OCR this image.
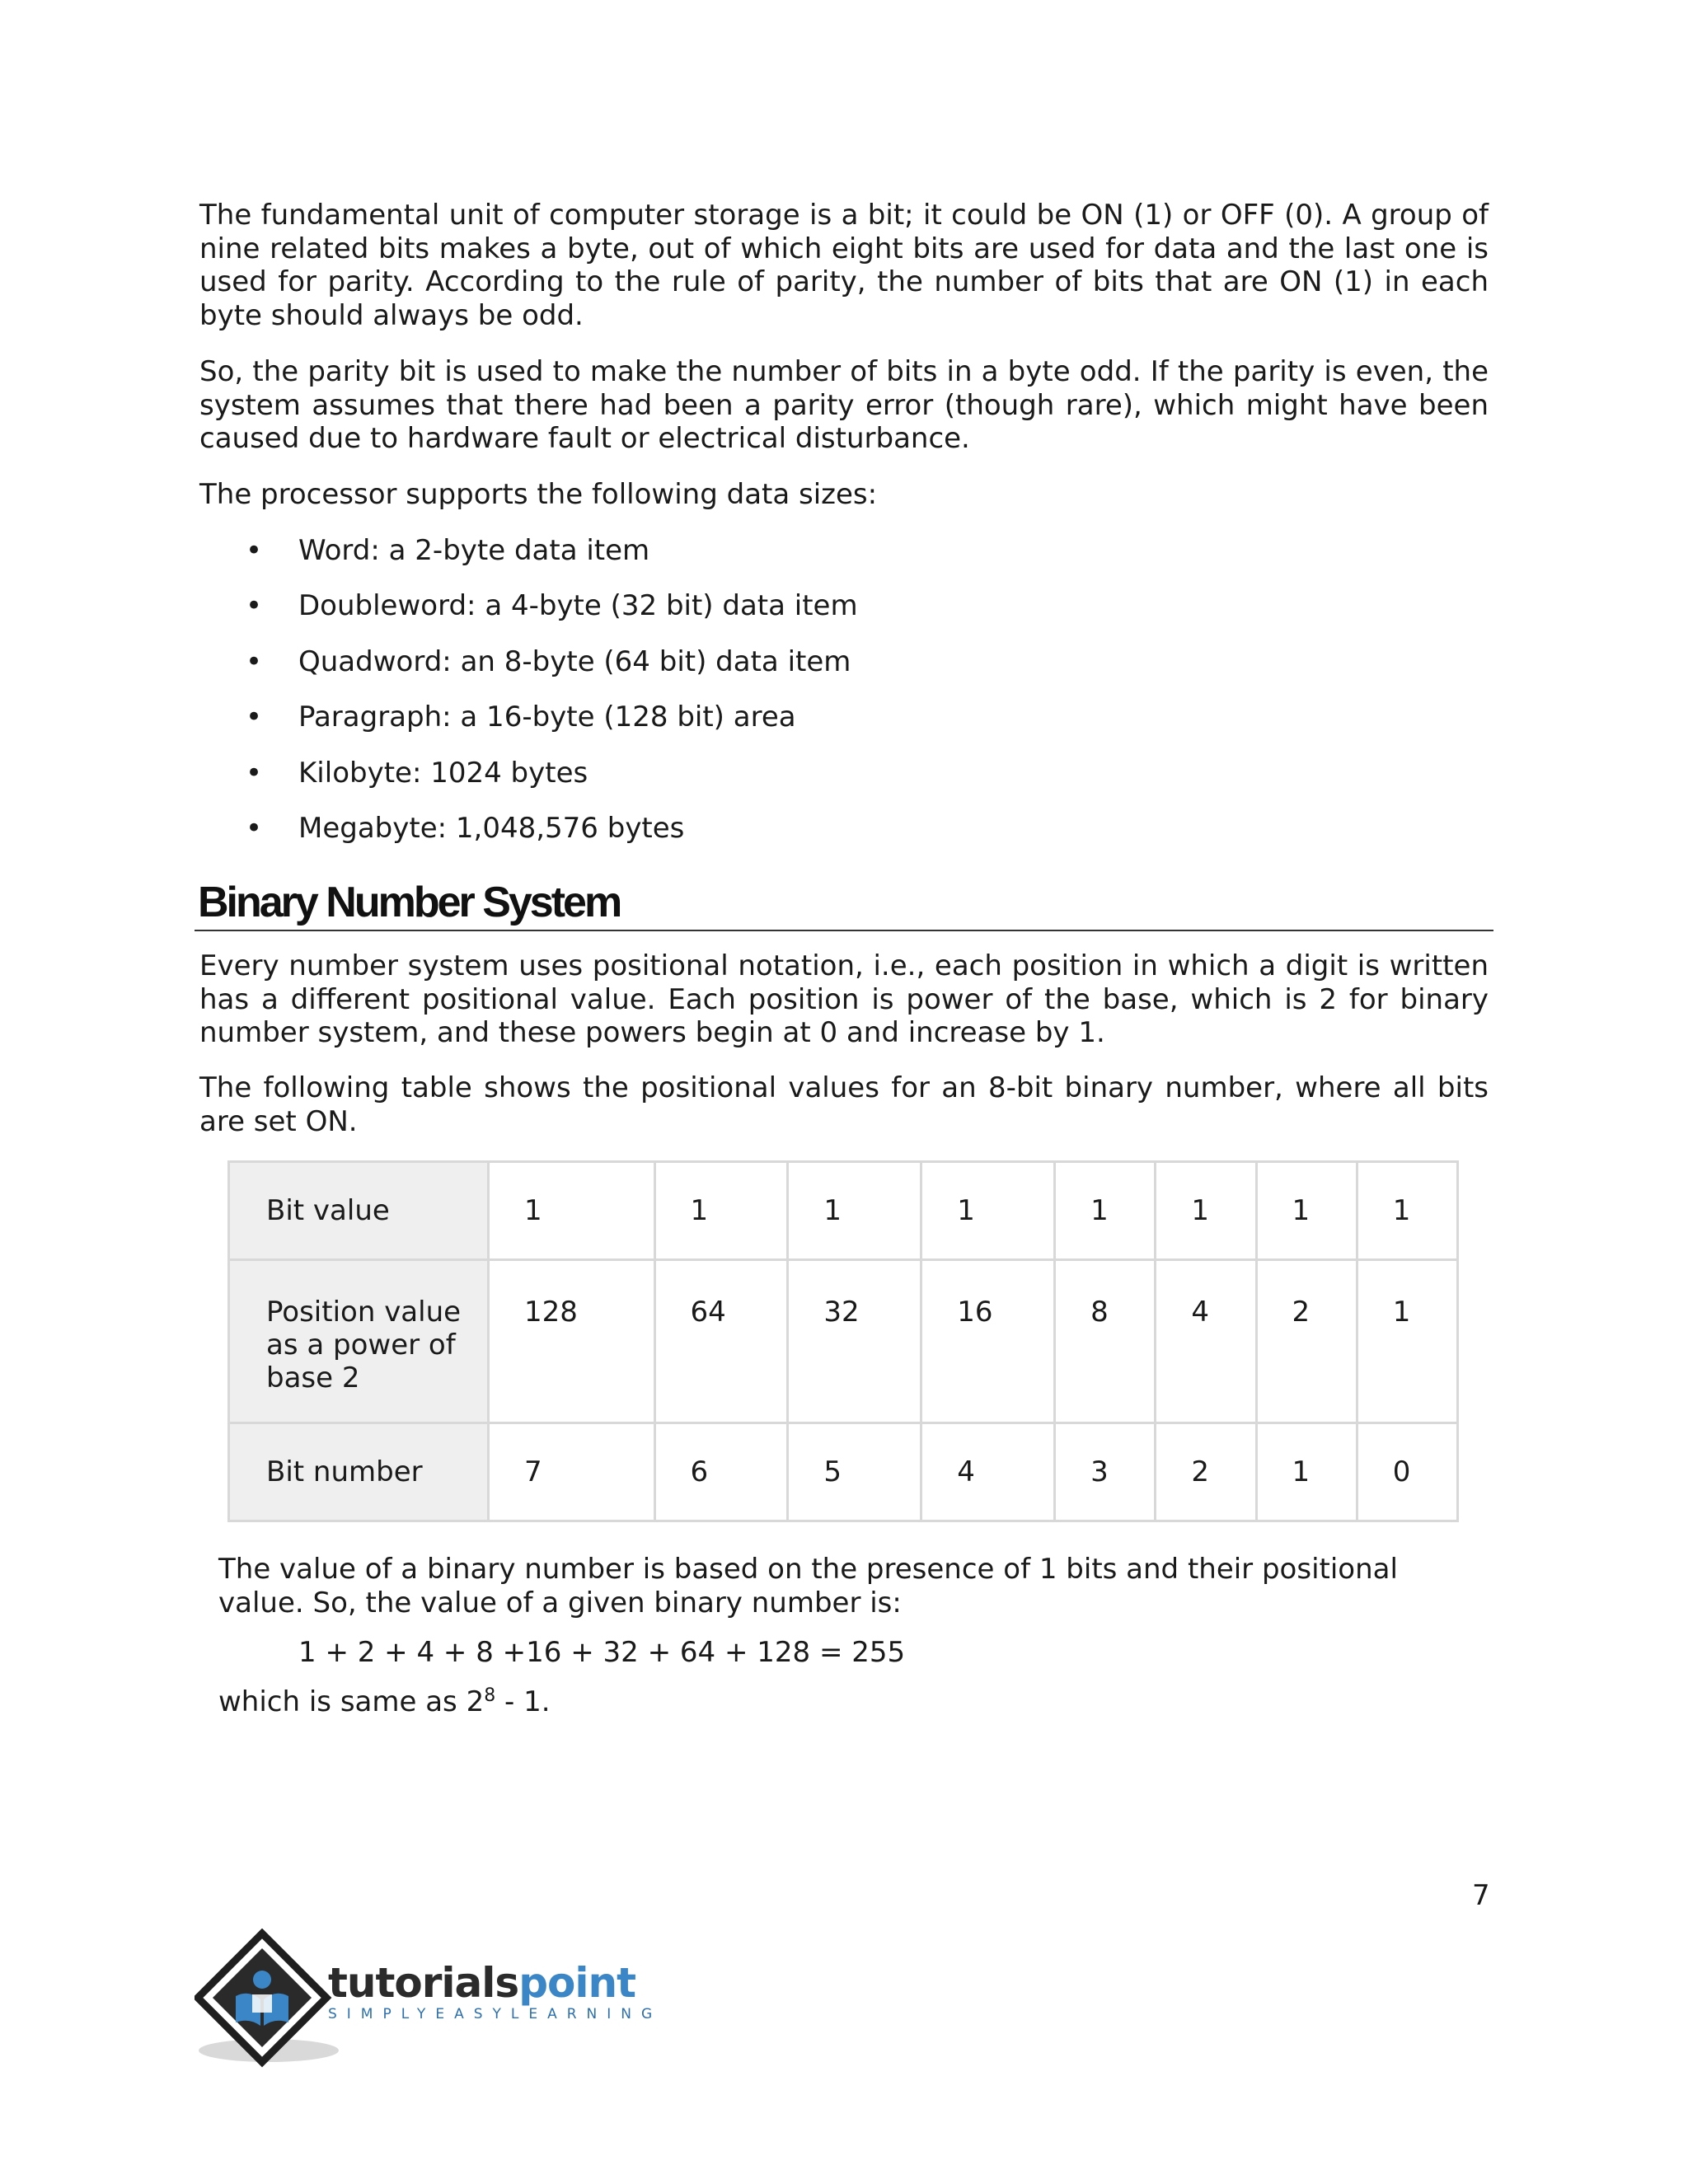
The fundamental unit of computer storage is a bit; it could be ON (1) or OFF (0). A group of nine related bits makes a byte, out of which eight bits are used for data and the last one is used for parity. According to the rule of parity, the number of bits that are ON (1) in each byte should always be odd.

So, the parity bit is used to make the number of bits in a byte odd. If the parity is even, the system assumes that there had been a parity error (though rare), which might have been caused due to hardware fault or electrical disturbance.

The processor supports the following data sizes:

• Word: a 2-byte data item
• Doubleword: a 4-byte (32 bit) data item
• Quadword: an 8-byte (64 bit) data item
• Paragraph: a 16-byte (128 bit) area
• Kilobyte: 1024 bytes
• Megabyte: 1,048,576 bytes
Binary Number System

Every number system uses positional notation, i.e., each position in which a digit is written has a different positional value. Each position is power of the base, which is 2 for binary number system, and these powers begin at 0 and increase by 1.

The following table shows the positional values for an 8-bit binary number, where all bits are set ON.

Bit value	1	1	1	1	1	1	1	1
Position value as a power of base 2	128	64	32	16	8	4	2	1
Bit number	7	6	5	4	3	2	1	0

The value of a binary number is based on the presence of 1 bits and their positional value. So, the value of a given binary number is:

1 + 2 + 4 + 8 +16 + 32 + 64 + 128 = 255
which is same as $2^8 - 1$.
7
tutorialspoint
SIMPLYEASYLEARNING
